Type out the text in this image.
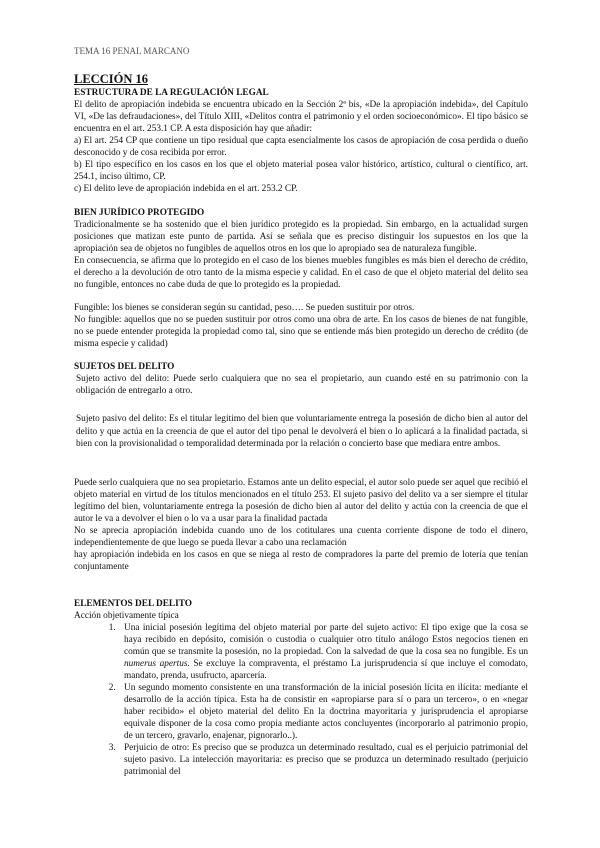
TEMA 16 PENAL MARCANO
LECCIÓN 16

ESTRUCTURA DE LA REGULACIÓN LEGAL

El delito de apropiación indebida se encuentra ubicado en la Sección 2ª bis, «De la apropiación indebida», del Capítulo VI, «De las defraudaciones», del Título XIII, «Delitos contra el patrimonio y el orden socioeconómico». El tipo básico se encuentra en el art. 253.1 CP. A esta disposición hay que añadir:

a) El art. 254 CP que contiene un tipo residual que capta esencialmente los casos de apropiación de cosa perdida o dueño desconocido y de cosa recibida por error.

b) El tipo específico en los casos en los que el objeto material posea valor histórico, artístico, cultural o científico, art. 254.1, inciso último, CP.

c) El delito leve de apropiación indebida en el art. 253.2 CP.

BIEN JURÍDICO PROTEGIDO

Tradicionalmente se ha sostenido que el bien jurídico protegido es la propiedad. Sin embargo, en la actualidad surgen posiciones que matizan este punto de partida. Así se señala que es preciso distinguir los supuestos en los que la apropiación sea de objetos no fungibles de aquellos otros en los que lo apropiado sea de naturaleza fungible.

En consecuencia, se afirma que lo protegido en el caso de los bienes muebles fungibles es más bien el derecho de crédito, el derecho a la devolución de otro tanto de la misma especie y calidad. En el caso de que el objeto material del delito sea no fungible, entonces no cabe duda de que lo protegido es la propiedad.

Fungible: los bienes se consideran según su cantidad, peso…. Se pueden sustituir por otros.

No fungible: aquellos que no se pueden sustituir por otros como una obra de arte. En los casos de bienes de nat fungible, no se puede entender protegida la propiedad como tal, sino que se entiende más bien protegido un derecho de crédito (de misma especie y calidad)

SUJETOS DEL DELITO

Sujeto activo del delito: Puede serlo cualquiera que no sea el propietario, aun cuando esté en su patrimonio con la obligación de entregarlo a otro.

Sujeto pasivo del delito: Es el titular legítimo del bien que voluntariamente entrega la posesión de dicho bien al autor del delito y que actúa en la creencia de que el autor del tipo penal le devolverá el bien o lo aplicará a la finalidad pactada, si bien con la provisionalidad o temporalidad determinada por la relación o concierto base que mediara entre ambos.

Puede serlo cualquiera que no sea propietario. Estamos ante un delito especial, el autor solo puede ser aquel que recibió el objeto material en virtud de los títulos mencionados en el título 253. El sujeto pasivo del delito va a ser siempre el titular legítimo del bien, voluntariamente entrega la posesión de dicho bien al autor del delito y actúa con la creencia de que el autor le va a devolver el bien o lo va a usar para la finalidad pactada

No se aprecia apropiación indebida cuando uno de los cotitulares una cuenta corriente dispone de todo el dinero, independientemente de que luego se pueda llevar a cabo una reclamación

hay apropiación indebida en los casos en que se niega al resto de compradores la parte del premio de lotería que tenían conjuntamente

ELEMENTOS DEL DELITO

Acción objetivamente típica

1. Una inicial posesión legítima del objeto material por parte del sujeto activo: El tipo exige que la cosa se haya recibido en depósito, comisión o custodia o cualquier otro título análogo Estos negocios tienen en común que se transmite la posesión, no la propiedad. Con la salvedad de que la cosa sea no fungible. Es un numerus apertus. Se excluye la compraventa, el préstamo La jurisprudencia sí que incluye el comodato, mandato, prenda, usufructo, aparcería.
2. Un segundo momento consistente en una transformación de la inicial posesión lícita en ilícita: mediante el desarrollo de la acción típica. Esta ha de consistir en «apropiarse para sí o para un tercero», o en «negar haber recibido» el objeto material del delito En la doctrina mayoritaria y jurisprudencia el apropiarse equivale disponer de la cosa como propia mediante actos concluyentes (incorporarlo al patrimonio propio, de un tercero, gravarlo, enajenar, pignorarlo..).
3. Perjuicio de otro: Es preciso que se produzca un determinado resultado, cual es el perjuicio patrimonial del sujeto pasivo. La intelección mayoritaria: es preciso que se produzca un determinado resultado (perjuicio patrimonial del
